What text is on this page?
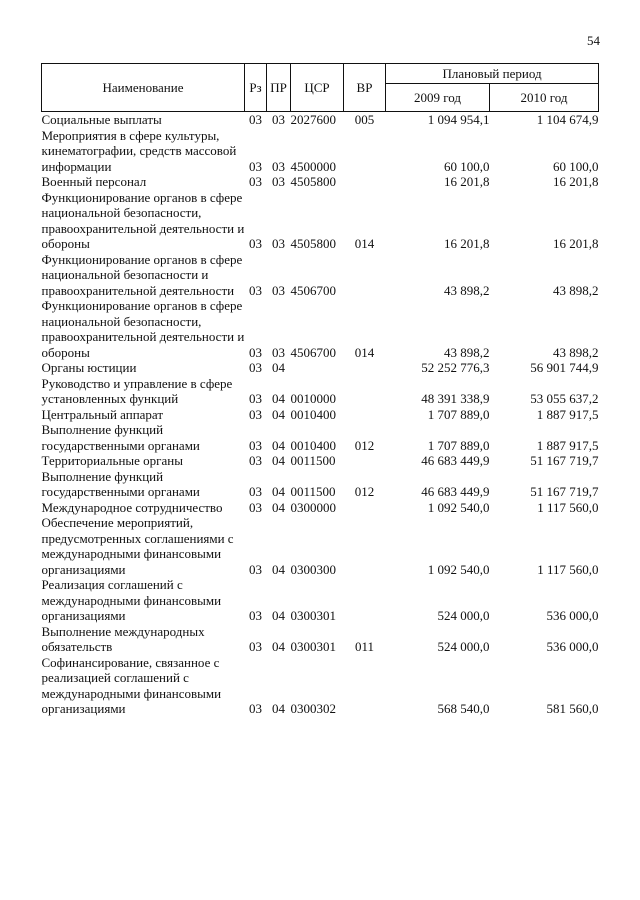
54
Наименование	Рз	ПР	ЦСР	ВР	Плановый период	
					2009 год	2010 год
Социальные выплаты	03	03	2027600	005	1 094 954,1	1 104 674,9
Мероприятия в сфере культуры, кинематографии, средств массовой информации	03	03	4500000		60 100,0	60 100,0
Военный персонал	03	03	4505800		16 201,8	16 201,8
Функционирование органов в сфере национальной безопасности, правоохранительной деятельности и обороны	03	03	4505800	014	16 201,8	16 201,8
Функционирование органов в сфере национальной безопасности и правоохранительной деятельности	03	03	4506700		43 898,2	43 898,2
Функционирование органов в сфере национальной безопасности, правоохранительной деятельности и обороны	03	03	4506700	014	43 898,2	43 898,2
Органы юстиции	03	04			52 252 776,3	56 901 744,9
Руководство и управление в сфере установленных функций	03	04	0010000		48 391 338,9	53 055 637,2
Центральный аппарат	03	04	0010400		1 707 889,0	1 887 917,5
Выполнение функций государственными органами	03	04	0010400	012	1 707 889,0	1 887 917,5
Территориальные органы	03	04	0011500		46 683 449,9	51 167 719,7
Выполнение функций государственными органами	03	04	0011500	012	46 683 449,9	51 167 719,7
Международное сотрудничество	03	04	0300000		1 092 540,0	1 117 560,0
Обеспечение мероприятий, предусмотренных соглашениями с международными финансовыми организациями	03	04	0300300		1 092 540,0	1 117 560,0
Реализация соглашений с международными финансовыми организациями	03	04	0300301		524 000,0	536 000,0
Выполнение международных обязательств	03	04	0300301	011	524 000,0	536 000,0
Софинансирование, связанное с реализацией соглашений с международными финансовыми организациями	03	04	0300302		568 540,0	581 560,0
